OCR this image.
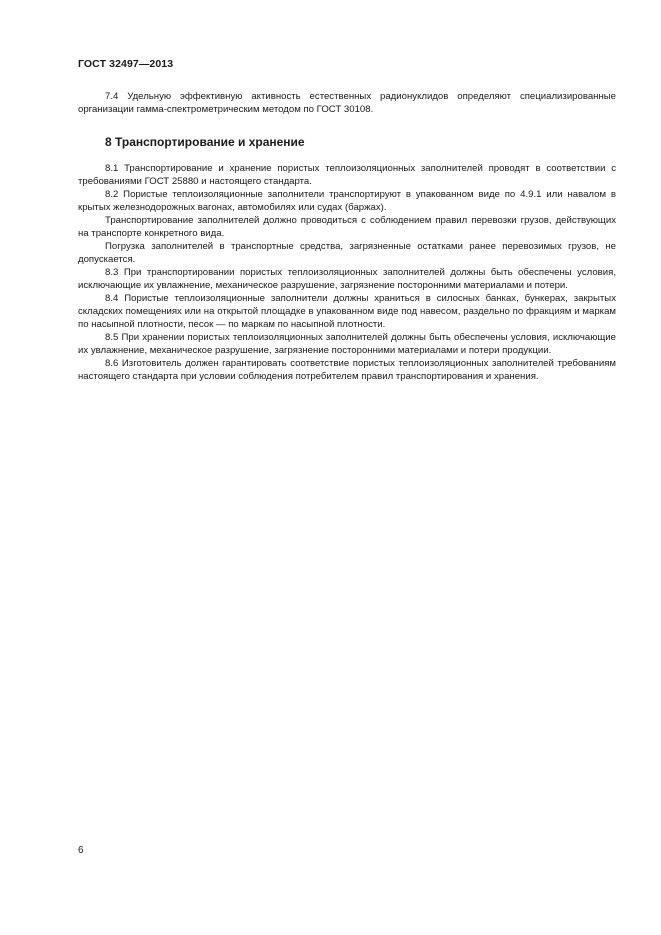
ГОСТ 32497—2013

7.4 Удельную эффективную активность естественных радионуклидов определяют специализированные организации гамма-спектрометрическим методом по ГОСТ 30108.

8 Транспортирование и хранение

8.1 Транспортирование и хранение пористых теплоизоляционных заполнителей проводят в соответствии с требованиями ГОСТ 25880 и настоящего стандарта.

8.2 Пористые теплоизоляционные заполнители транспортируют в упакованном виде по 4.9.1 или навалом в крытых железнодорожных вагонах, автомобилях или судах (баржах).

Транспортирование заполнителей должно проводиться с соблюдением правил перевозки грузов, действующих на транспорте конкретного вида.

Погрузка заполнителей в транспортные средства, загрязненные остатками ранее перевозимых грузов, не допускается.

8.3 При транспортировании пористых теплоизоляционных заполнителей должны быть обеспечены условия, исключающие их увлажнение, механическое разрушение, загрязнение посторонними материалами и потери.

8.4 Пористые теплоизоляционные заполнители должны храниться в силосных банках, бункерах, закрытых складских помещениях или на открытой площадке в упакованном виде под навесом, раздельно по фракциям и маркам по насыпной плотности, песок — по маркам по насыпной плотности.

8.5 При хранении пористых теплоизоляционных заполнителей должны быть обеспечены условия, исключающие их увлажнение, механическое разрушение, загрязнение посторонними материалами и потери продукции.

8.6 Изготовитель должен гарантировать соответствие пористых теплоизоляционных заполнителей требованиям настоящего стандарта при условии соблюдения потребителем правил транспортирования и хранения.

6
